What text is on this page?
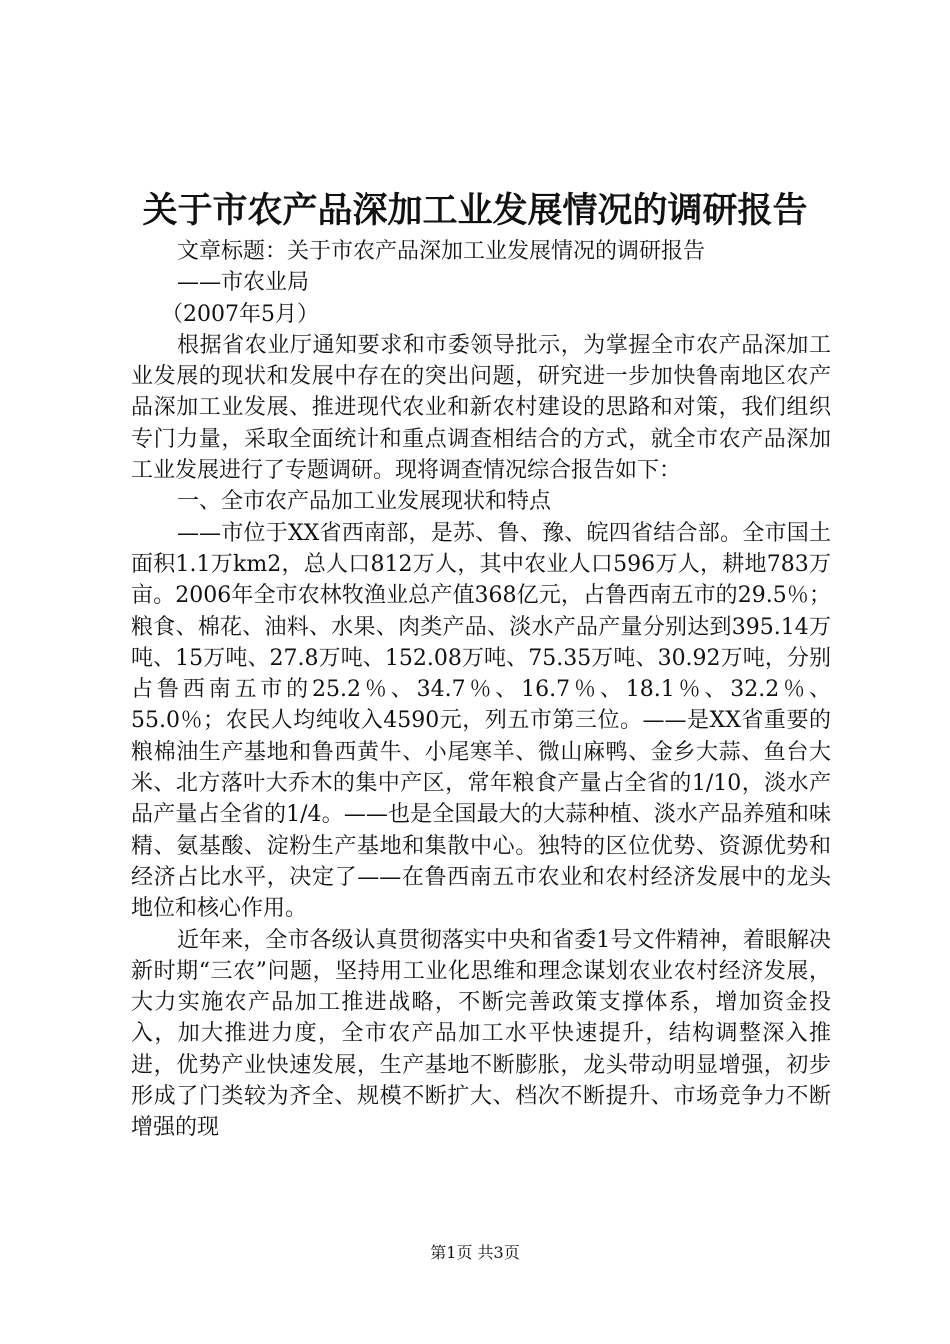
关于市农产品深加工业发展情况的调研报告

文章标题：关于市农产品深加工业发展情况的调研报告

——市农业局

（2007年5月）

根据省农业厅通知要求和市委领导批示，为掌握全市农产品深加工业发展的现状和发展中存在的突出问题，研究进一步加快鲁南地区农产品深加工业发展、推进现代农业和新农村建设的思路和对策，我们组织专门力量，采取全面统计和重点调查相结合的方式，就全市农产品深加工业发展进行了专题调研。现将调查情况综合报告如下：

一、全市农产品加工业发展现状和特点

——市位于XX省西南部，是苏、鲁、豫、皖四省结合部。全市国土面积1.1万km2，总人口812万人，其中农业人口596万人，耕地783万亩。2006年全市农林牧渔业总产值368亿元，占鲁西南五市的29.5％；粮食、棉花、油料、水果、肉类产品、淡水产品产量分别达到395.14万吨、15万吨、27.8万吨、152.08万吨、75.35万吨、30.92万吨，分别占鲁西南五市的25.2％、34.7％、16.7％、18.1％、32.2％、55.0％；农民人均纯收入4590元，列五市第三位。——是XX省重要的粮棉油生产基地和鲁西黄牛、小尾寒羊、微山麻鸭、金乡大蒜、鱼台大米、北方落叶大乔木的集中产区，常年粮食产量占全省的1/10，淡水产品产量占全省的1/4。——也是全国最大的大蒜种植、淡水产品养殖和味精、氨基酸、淀粉生产基地和集散中心。独特的区位优势、资源优势和经济占比水平，决定了——在鲁西南五市农业和农村经济发展中的龙头地位和核心作用。

近年来，全市各级认真贯彻落实中央和省委1号文件精神，着眼解决新时期“三农”问题，坚持用工业化思维和理念谋划农业农村经济发展，大力实施农产品加工推进战略，不断完善政策支撑体系，增加资金投入，加大推进力度，全市农产品加工水平快速提升，结构调整深入推进，优势产业快速发展，生产基地不断膨胀，龙头带动明显增强，初步形成了门类较为齐全、规模不断扩大、档次不断提升、市场竞争力不断增强的现

第1页 共3页
